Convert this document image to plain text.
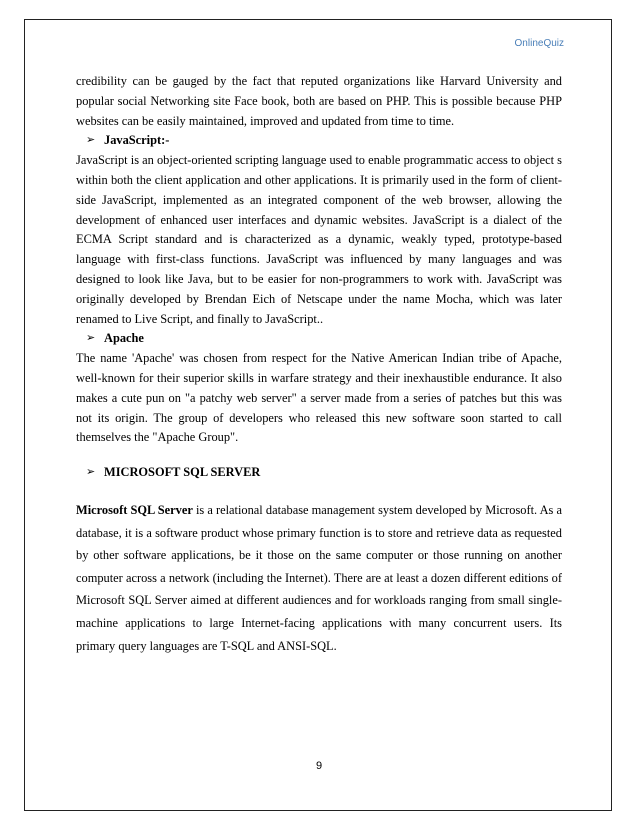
OnlineQuiz

credibility can be gauged by the fact that reputed organizations like Harvard University and popular social Networking site Face book, both are based on PHP. This is possible because PHP websites can be easily maintained, improved and updated from time to time.

➢ JavaScript:-

JavaScript is an object-oriented scripting language used to enable programmatic access to object s within both the client application and other applications. It is primarily used in the form of client-side JavaScript, implemented as an integrated component of the web browser, allowing the development of enhanced user interfaces and dynamic websites. JavaScript is a dialect of the ECMA Script standard and is characterized as a dynamic, weakly typed, prototype-based language with first-class functions. JavaScript was influenced by many languages and was designed to look like Java, but to be easier for non-programmers to work with. JavaScript was originally developed by Brendan Eich of Netscape under the name Mocha, which was later renamed to Live Script, and finally to JavaScript..

➢ Apache

The name 'Apache' was chosen from respect for the Native American Indian tribe of Apache, well-known for their superior skills in warfare strategy and their inexhaustible endurance. It also makes a cute pun on "a patchy web server" a server made from a series of patches but this was not its origin. The group of developers who released this new software soon started to call themselves the "Apache Group".

➢ MICROSOFT SQL SERVER

Microsoft SQL Server is a relational database management system developed by Microsoft. As a database, it is a software product whose primary function is to store and retrieve data as requested by other software applications, be it those on the same computer or those running on another computer across a network (including the Internet). There are at least a dozen different editions of Microsoft SQL Server aimed at different audiences and for workloads ranging from small single-machine applications to large Internet-facing applications with many concurrent users. Its primary query languages are T-SQL and ANSI-SQL.

9
